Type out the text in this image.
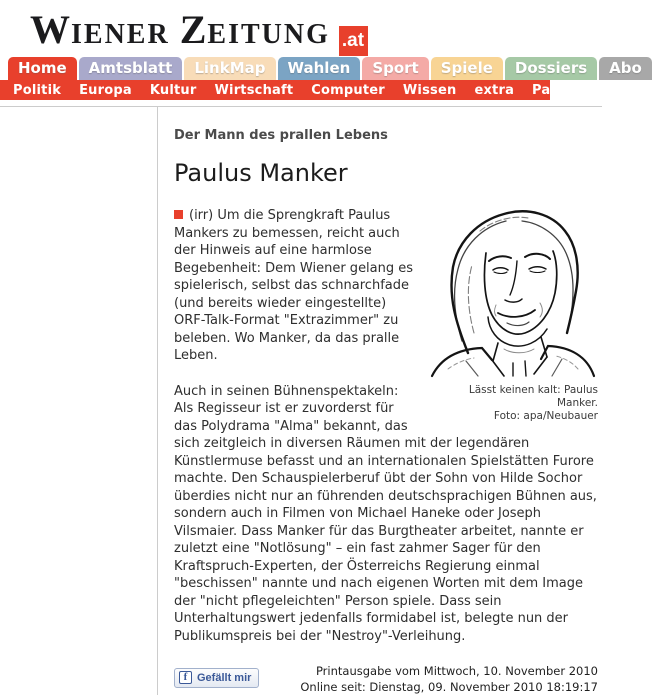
W IENER Z EITUNG .at
Home	Amtsblatt	LinkMap	Wahlen	Sport	Spiele	Dossiers	Abo
Politik	Europa	Kultur	Wirtschaft	Computer	Wissen	extra	Panorama	Wien
Der Mann des prallen Lebens
Paulus Manker
Lässt keinen kalt: Paulus Manker.
Foto: apa/Neubauer

(irr) Um die Sprengkraft Paulus Mankers zu bemessen, reicht auch der Hinweis auf eine harmlose Begebenheit: Dem Wiener gelang es spielerisch, selbst das schnarchfade (und bereits wieder eingestellte) ORF-Talk-Format "Extrazimmer" zu beleben. Wo Manker, da das pralle Leben.

Auch in seinen Bühnenspektakeln: Als Regisseur ist er zuvorderst für das Polydrama "Alma" bekannt, das sich zeitgleich in diversen Räumen mit der legendären Künstlermuse befasst und an internationalen Spielstätten Furore machte. Den Schauspielerberuf übt der Sohn von Hilde Sochor überdies nicht nur an führenden deutschsprachigen Bühnen aus, sondern auch in Filmen von Michael Haneke oder Joseph Vilsmaier. Dass Manker für das Burgtheater arbeitet, nannte er zuletzt eine "Notlösung" – ein fast zahmer Sager für den Kraftspruch-Experten, der Österreichs Regierung einmal "beschissen" nannte und nach eigenen Worten mit dem Image der "nicht pflegeleichten" Person spiele. Dass sein Unterhaltungswert jedenfalls formidabel ist, belegte nun der Publikumspreis bei der "Nestroy"-Verleihung.

f Gefällt mir	Printausgabe vom Mittwoch, 10. November 2010
Online seit: Dienstag, 09. November 2010 18:19:17
